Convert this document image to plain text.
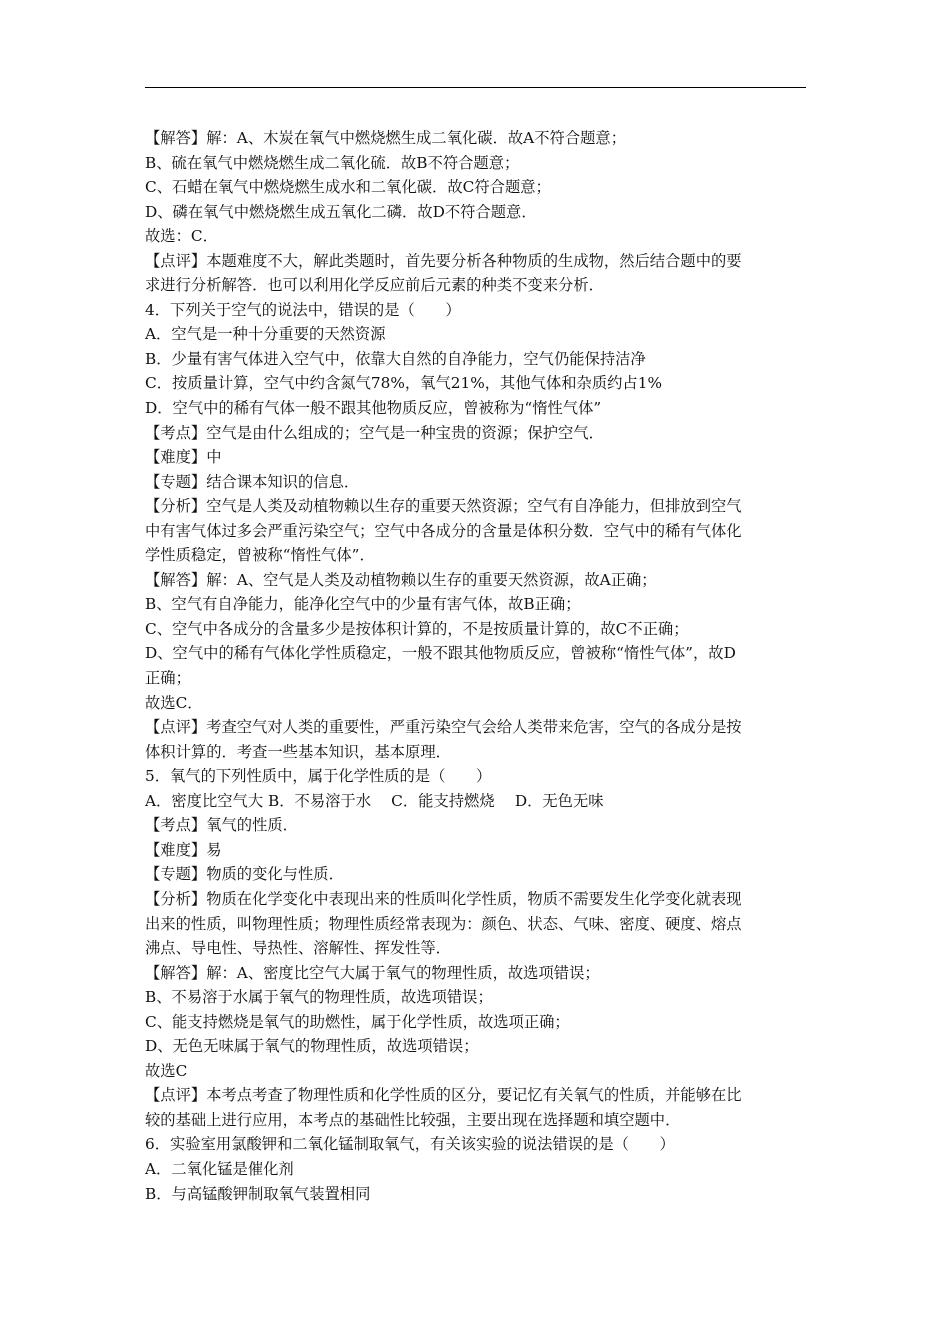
【解答】解：A、木炭在氧气中燃烧燃生成二氧化碳．故A不符合题意；
B、硫在氧气中燃烧燃生成二氧化硫．故B不符合题意；
C、石蜡在氧气中燃烧燃生成水和二氧化碳．故C符合题意；
D、磷在氧气中燃烧燃生成五氧化二磷．故D不符合题意．
故选：C．
【点评】本题难度不大，解此类题时，首先要分析各种物质的生成物，然后结合题中的要
求进行分析解答．也可以利用化学反应前后元素的种类不变来分析．
4．下列关于空气的说法中，错误的是（　　）
A．空气是一种十分重要的天然资源
B．少量有害气体进入空气中，依靠大自然的自净能力，空气仍能保持洁净
C．按质量计算，空气中约含氮气78%，氧气21%，其他气体和杂质约占1%
D．空气中的稀有气体一般不跟其他物质反应，曾被称为“惰性气体”
【考点】空气是由什么组成的；空气是一种宝贵的资源；保护空气．
【难度】中
【专题】结合课本知识的信息．
【分析】空气是人类及动植物赖以生存的重要天然资源；空气有自净能力，但排放到空气
中有害气体过多会严重污染空气；空气中各成分的含量是体积分数．空气中的稀有气体化
学性质稳定，曾被称“惰性气体”．
【解答】解：A、空气是人类及动植物赖以生存的重要天然资源，故A正确；
B、空气有自净能力，能净化空气中的少量有害气体，故B正确；
C、空气中各成分的含量多少是按体积计算的，不是按质量计算的，故C不正确；
D、空气中的稀有气体化学性质稳定，一般不跟其他物质反应，曾被称“惰性气体”，故D
正确；
故选C．
【点评】考查空气对人类的重要性，严重污染空气会给人类带来危害，空气的各成分是按
体积计算的．考查一些基本知识，基本原理．
5．氧气的下列性质中，属于化学性质的是（　　）
A．密度比空气大 B．不易溶于水　 C．能支持燃烧　 D．无色无味
【考点】氧气的性质．
【难度】易
【专题】物质的变化与性质．
【分析】物质在化学变化中表现出来的性质叫化学性质，物质不需要发生化学变化就表现
出来的性质，叫物理性质；物理性质经常表现为：颜色、状态、气味、密度、硬度、熔点
沸点、导电性、导热性、溶解性、挥发性等．
【解答】解：A、密度比空气大属于氧气的物理性质，故选项错误；
B、不易溶于水属于氧气的物理性质，故选项错误；
C、能支持燃烧是氧气的助燃性，属于化学性质，故选项正确；
D、无色无味属于氧气的物理性质，故选项错误；
故选C
【点评】本考点考查了物理性质和化学性质的区分，要记忆有关氧气的性质，并能够在比
较的基础上进行应用，本考点的基础性比较强，主要出现在选择题和填空题中．
6．实验室用氯酸钾和二氧化锰制取氧气，有关该实验的说法错误的是（　　）
A．二氧化锰是催化剂
B．与高锰酸钾制取氧气装置相同
